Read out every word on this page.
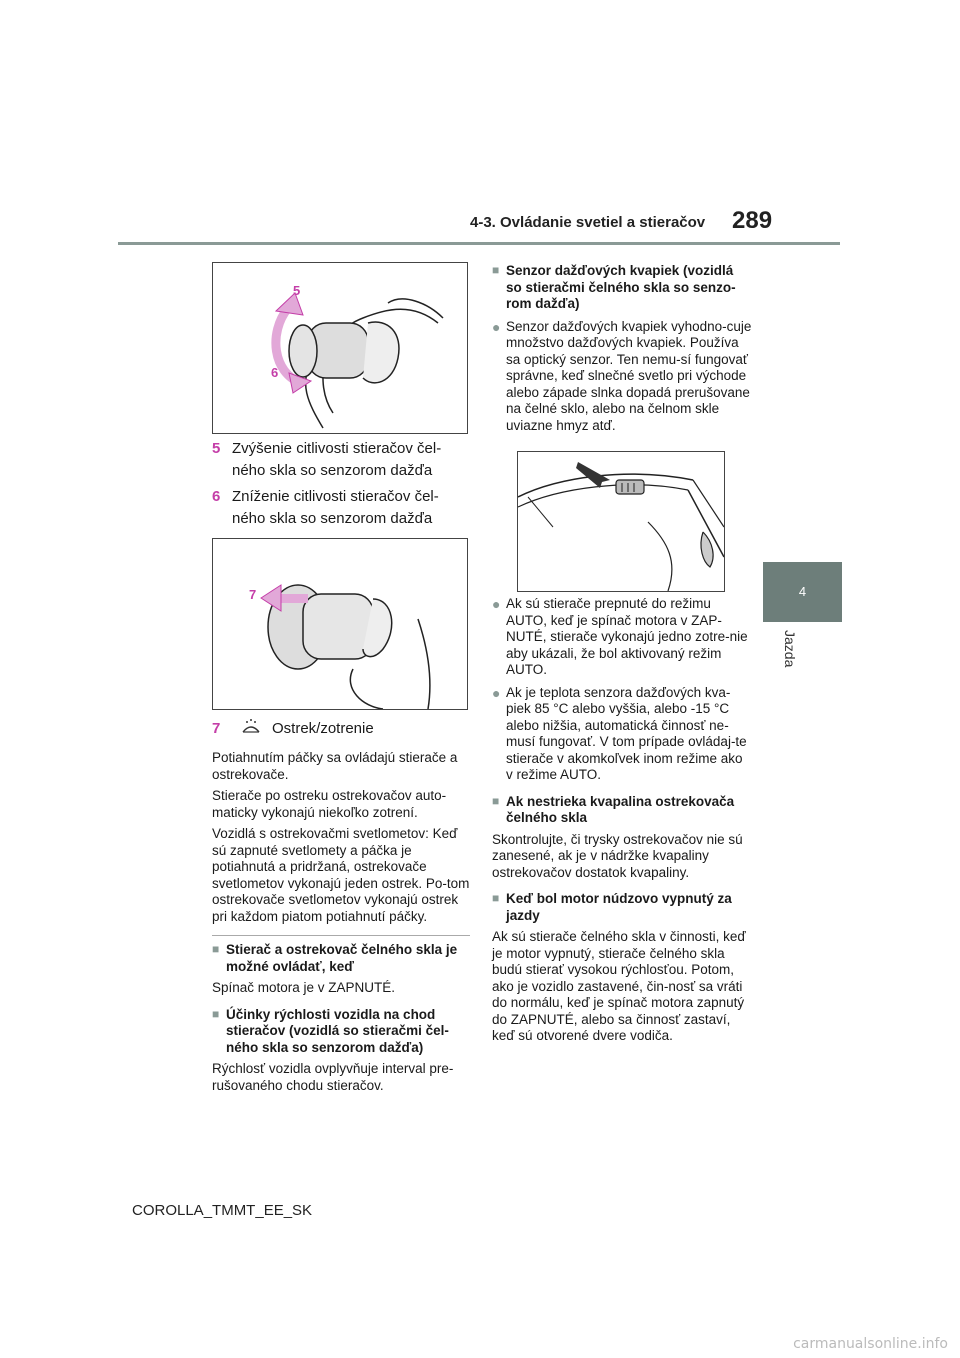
4-3. Ovládanie svetiel a stieračov 289
4
Jazda
5
6
5 Zvýšenie citlivosti stieračov čel-ného skla so senzorom dažďa
6 Zníženie citlivosti stieračov čel-ného skla so senzorom dažďa
7
7	Ostrek/zotrenie

Potiahnutím páčky sa ovládajú stierače a ostrekovače.

Stierače po ostreku ostrekovačov auto-maticky vykonajú niekoľko zotrení.

Vozidlá s ostrekovačmi svetlometov: Keď sú zapnuté svetlomety a páčka je potiahnutá a pridržaná, ostrekovače svetlometov vykonajú jeden ostrek. Po-tom ostrekovače svetlometov vykonajú ostrek pri každom piatom potiahnutí páčky.

■ Stierač a ostrekovač čelného skla je možné ovládať, keď

Spínač motora je v ZAPNUTÉ.

■ Účinky rýchlosti vozidla na chod stieračov (vozidlá so stieračmi čel-ného skla so senzorom dažďa)

Rýchlosť vozidla ovplyvňuje interval pre-rušovaného chodu stieračov.

■ Senzor dažďových kvapiek (vozidlá so stieračmi čelného skla so senzo-rom dažďa)
● Senzor dažďových kvapiek vyhodno-cuje množstvo dažďových kvapiek. Používa sa optický senzor. Ten nemu-sí fungovať správne, keď slnečné svetlo pri východe alebo západe slnka dopadá prerušovane na čelné sklo, alebo na čelnom skle uviazne hmyz atď.
● Ak sú stierače prepnuté do režimu AUTO, keď je spínač motora v ZAP-NUTÉ, stierače vykonajú jedno zotre-nie aby ukázali, že bol aktivovaný režim AUTO.
● Ak je teplota senzora dažďových kva-piek 85 °C alebo vyššia, alebo -15 °C alebo nižšia, automatická činnosť ne-musí fungovať. V tom prípade ovládaj-te stierače v akomkoľvek inom režime ako v režime AUTO.
■ Ak nestrieka kvapalina ostrekovača čelného skla

Skontrolujte, či trysky ostrekovačov nie sú zanesené, ak je v nádržke kvapaliny ostrekovačov dostatok kvapaliny.

■ Keď bol motor núdzovo vypnutý za jazdy

Ak sú stierače čelného skla v činnosti, keď je motor vypnutý, stierače čelného skla budú stierať vysokou rýchlosťou. Potom, ako je vozidlo zastavené, čin-nosť sa vráti do normálu, keď je spínač motora zapnutý do ZAPNUTÉ, alebo sa činnosť zastaví, keď sú otvorené dvere vodiča.

COROLLA_TMMT_EE_SK
carmanualsonline.info
